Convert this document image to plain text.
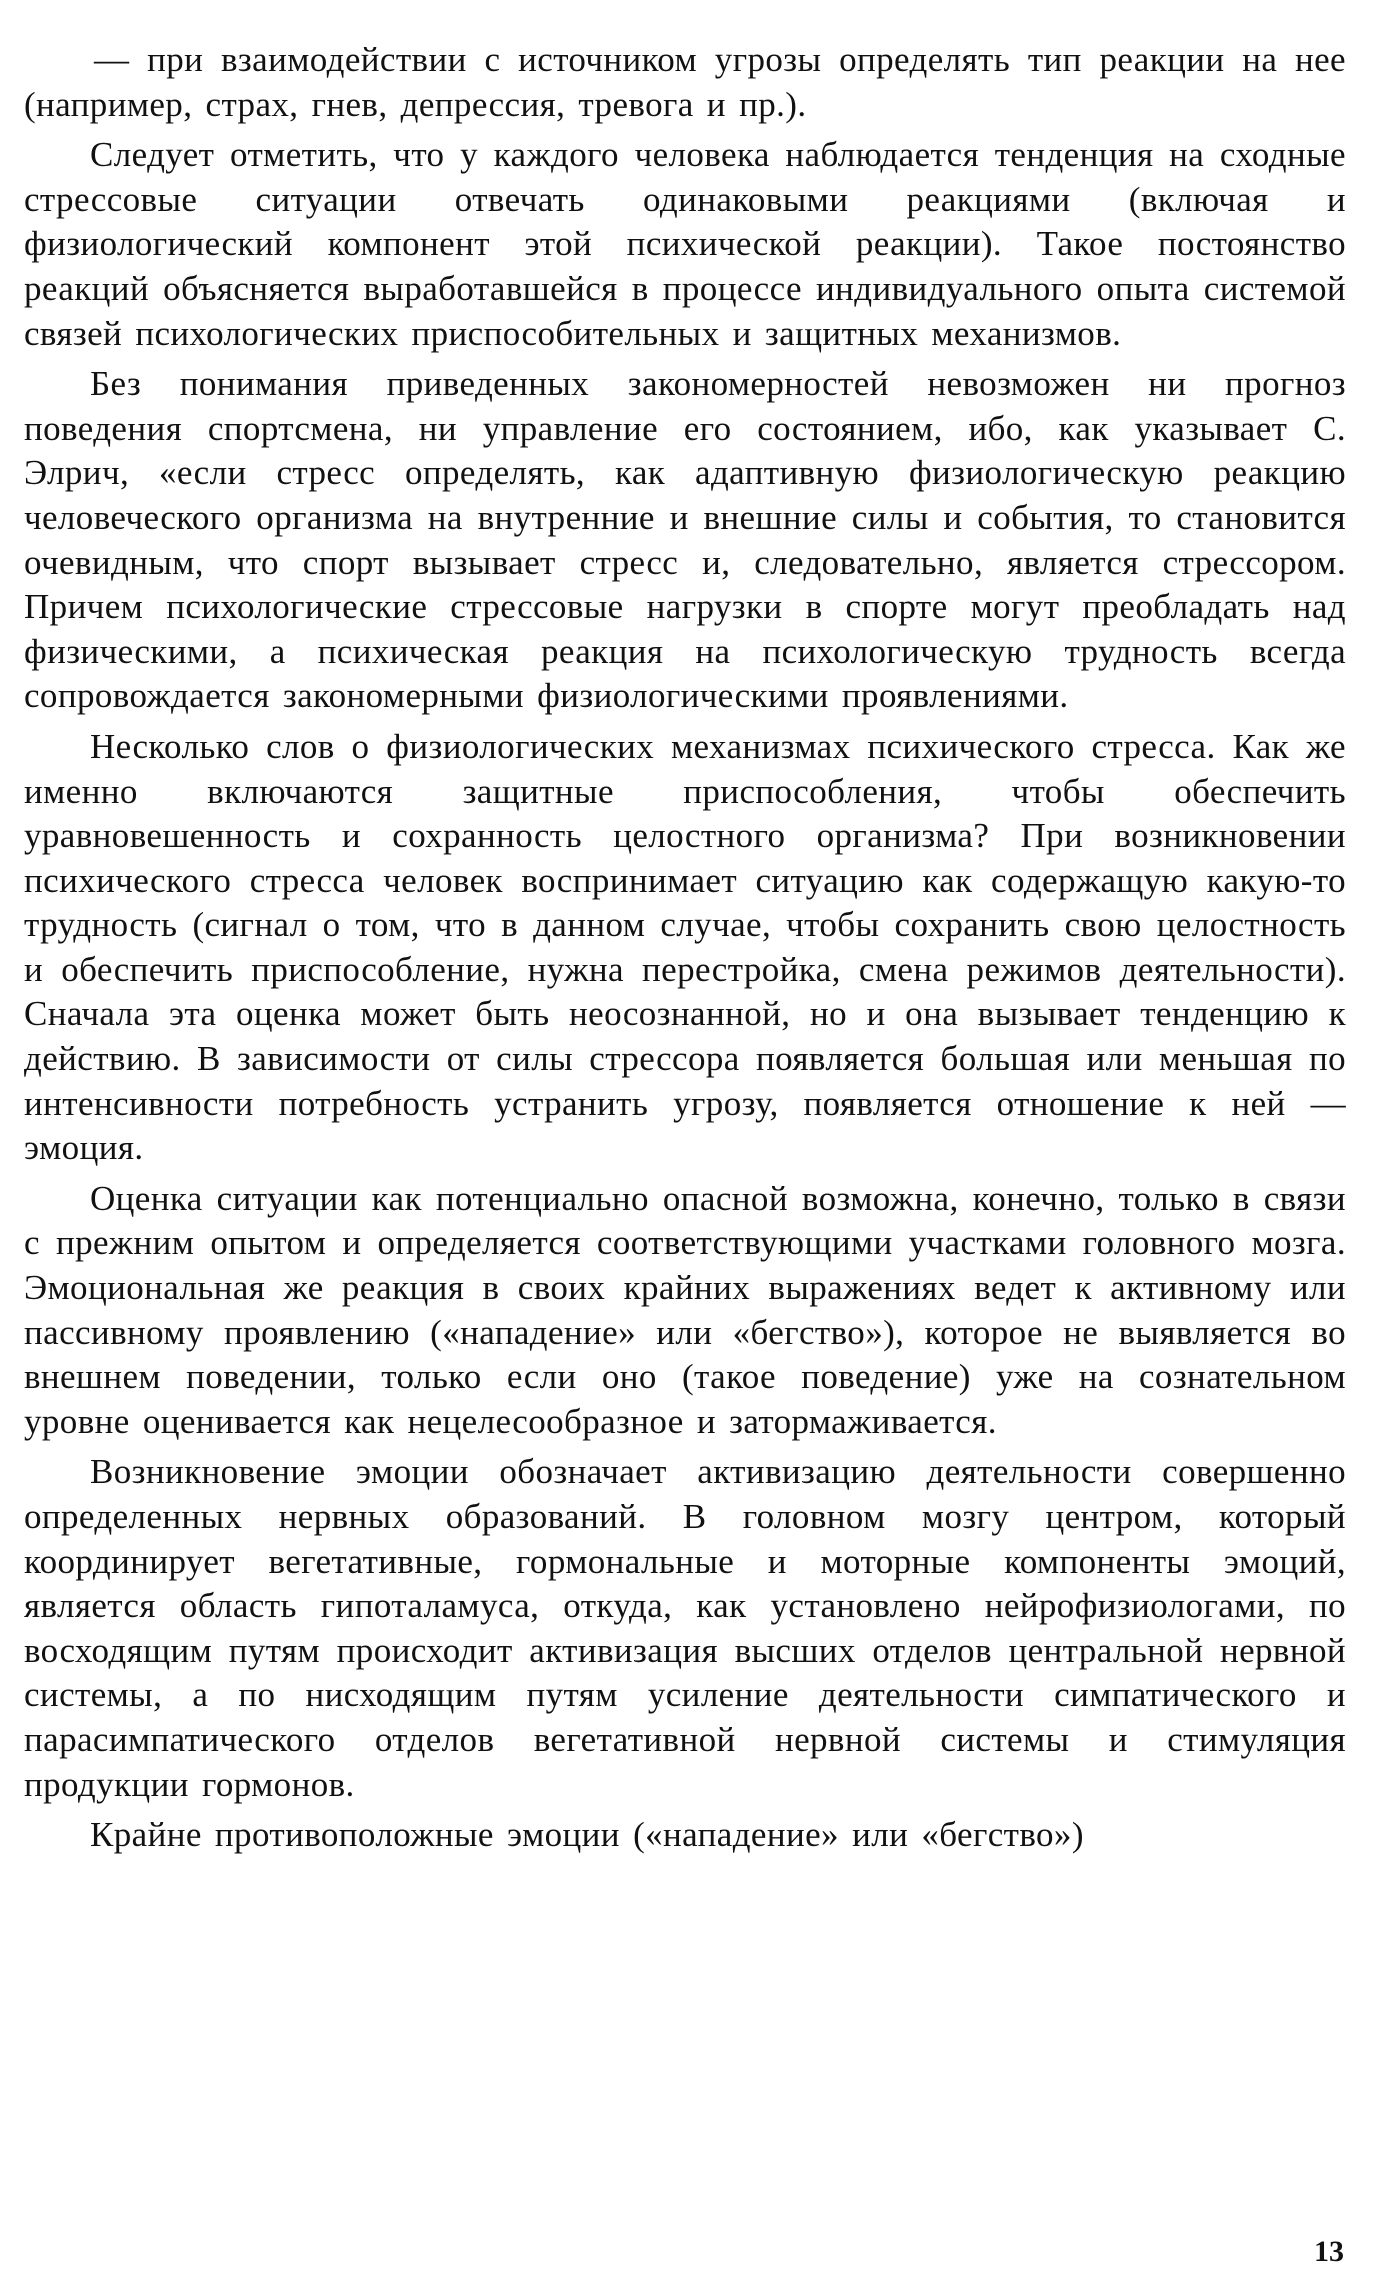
— при взаимодействии с источником угрозы определять тип реакции на нее (например, страх, гнев, депрессия, тревога и пр.).

Следует отметить, что у каждого человека наблюдается тенденция на сходные стрессовые ситуации отвечать одинаковыми реакциями (включая и физиологический компонент этой психической реакции). Такое постоянство реакций объясняется выработавшейся в процессе индивидуального опыта системой связей психологических приспособительных и защитных механизмов.

Без понимания приведенных закономерностей невозможен ни прогноз поведения спортсмена, ни управление его состоянием, ибо, как указывает С. Элрич, «если стресс определять, как адаптивную физиологическую реакцию человеческого организма на внутренние и внешние силы и события, то становится очевидным, что спорт вызывает стресс и, следовательно, является стрессором. Причем психологические стрессовые нагрузки в спорте могут преобладать над физическими, а психическая реакция на психологическую трудность всегда сопровождается закономерными физиологическими проявлениями.

Несколько слов о физиологических механизмах психического стресса. Как же именно включаются защитные приспособления, чтобы обеспечить уравновешенность и сохранность целостного организма? При возникновении психического стресса человек воспринимает ситуацию как содержащую какую-то трудность (сигнал о том, что в данном случае, чтобы сохранить свою целостность и обеспечить приспособление, нужна перестройка, смена режимов деятельности). Сначала эта оценка может быть неосознанной, но и она вызывает тенденцию к действию. В зависимости от силы стрессора появляется большая или меньшая по интенсивности потребность устранить угрозу, появляется отношение к ней — эмоция.

Оценка ситуации как потенциально опасной возможна, конечно, только в связи с прежним опытом и определяется соответствующими участками головного мозга. Эмоциональная же реакция в своих крайних выражениях ведет к активному или пассивному проявлению («нападение» или «бегство»), которое не выявляется во внешнем поведении, только если оно (такое поведение) уже на сознательном уровне оценивается как нецелесообразное и затормаживается.

Возникновение эмоции обозначает активизацию деятельности совершенно определенных нервных образований. В головном мозгу центром, который координирует вегетативные, гормональные и моторные компоненты эмоций, является область гипоталамуса, откуда, как установлено нейрофизиологами, по восходящим путям происходит активизация высших отделов центральной нервной системы, а по нисходящим путям усиление деятельности симпатического и парасимпатического отделов вегетативной нервной системы и стимуляция продукции гормонов.

Крайне противоположные эмоции («нападение» или «бегство»)

13
